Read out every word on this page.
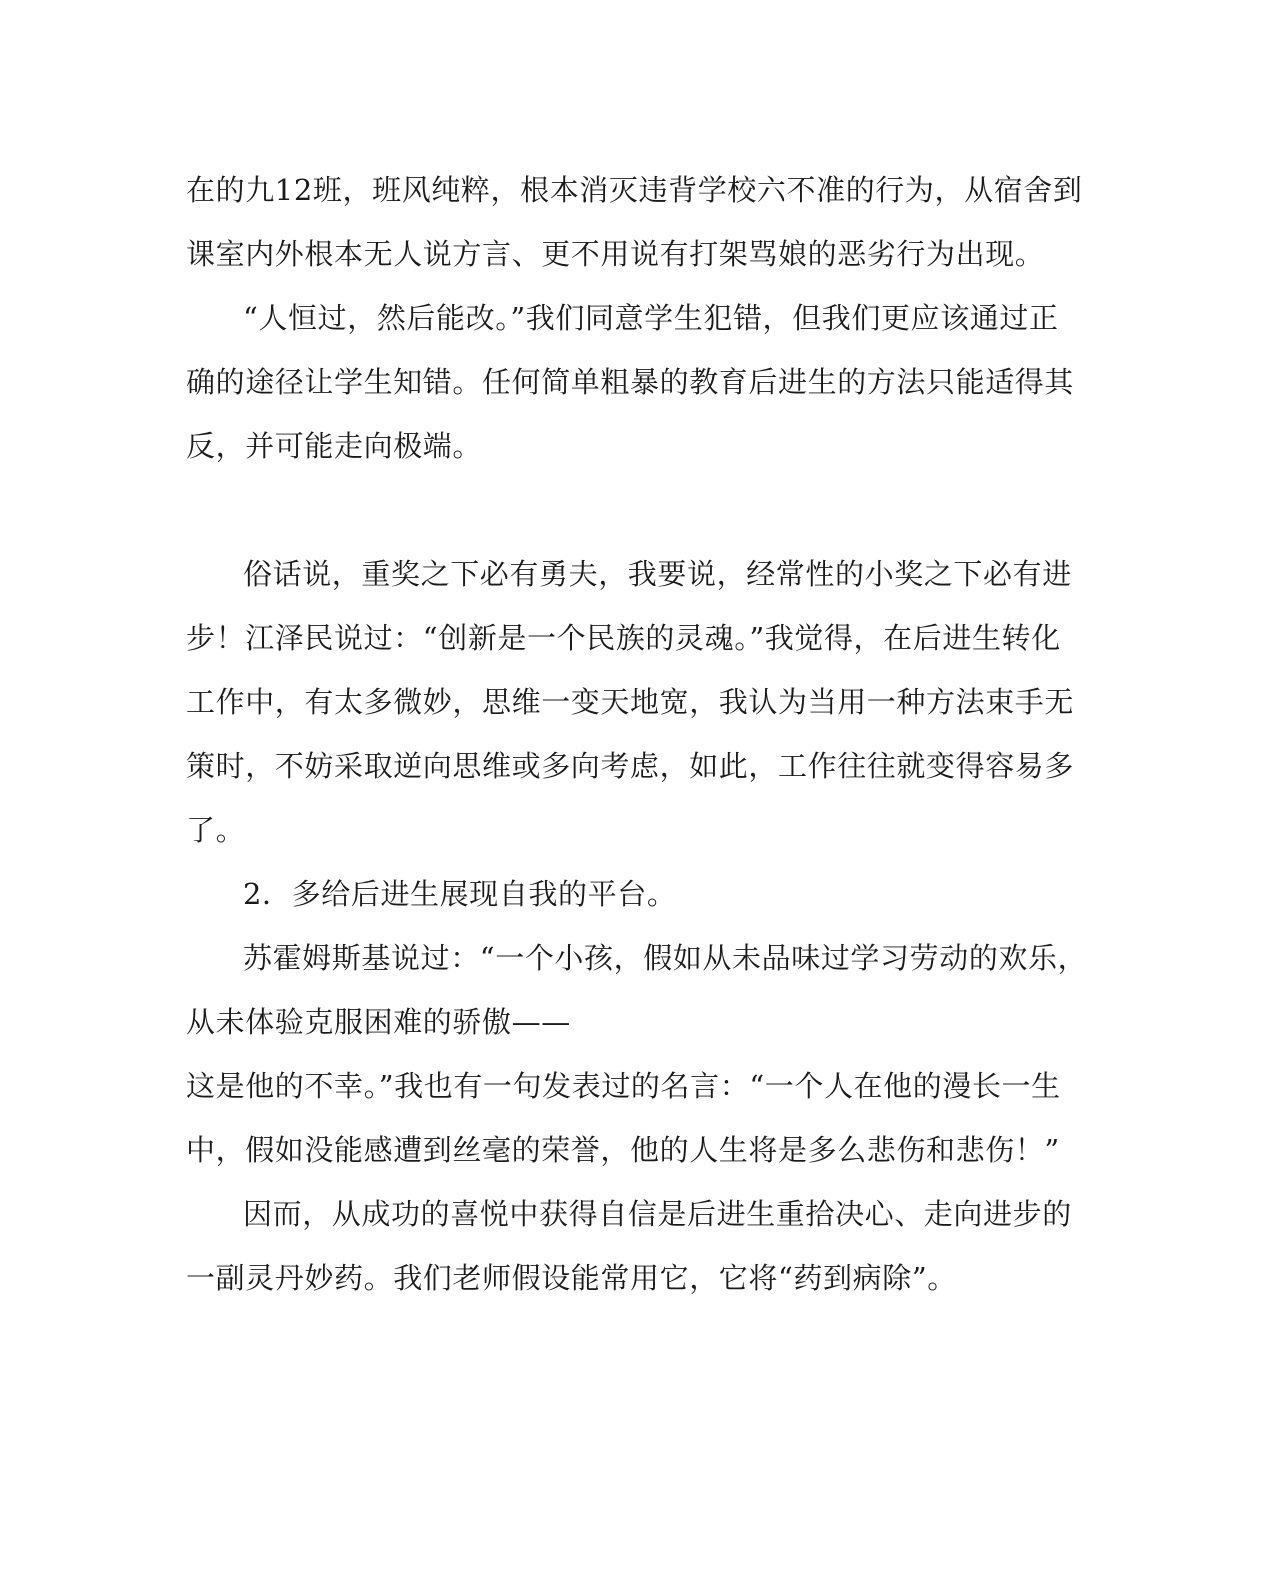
在的九12班，班风纯粹，根本消灭违背学校六不准的行为，从宿舍到
课室内外根本无人说方言、更不用说有打架骂娘的恶劣行为出现。
“人恒过，然后能改。”我们同意学生犯错，但我们更应该通过正
确的途径让学生知错。任何简单粗暴的教育后进生的方法只能适得其
反，并可能走向极端。
俗话说，重奖之下必有勇夫，我要说，经常性的小奖之下必有进
步！江泽民说过：“创新是一个民族的灵魂。”我觉得，在后进生转化
工作中，有太多微妙，思维一变天地宽，我认为当用一种方法束手无
策时，不妨采取逆向思维或多向考虑，如此，工作往往就变得容易多
了。
2．多给后进生展现自我的平台。
苏霍姆斯基说过：“一个小孩，假如从未品味过学习劳动的欢乐，
从未体验克服困难的骄傲——
这是他的不幸。”我也有一句发表过的名言：“一个人在他的漫长一生
中，假如没能感遭到丝毫的荣誉，他的人生将是多么悲伤和悲伤！”
因而，从成功的喜悦中获得自信是后进生重拾决心、走向进步的
一副灵丹妙药。我们老师假设能常用它，它将“药到病除”。
